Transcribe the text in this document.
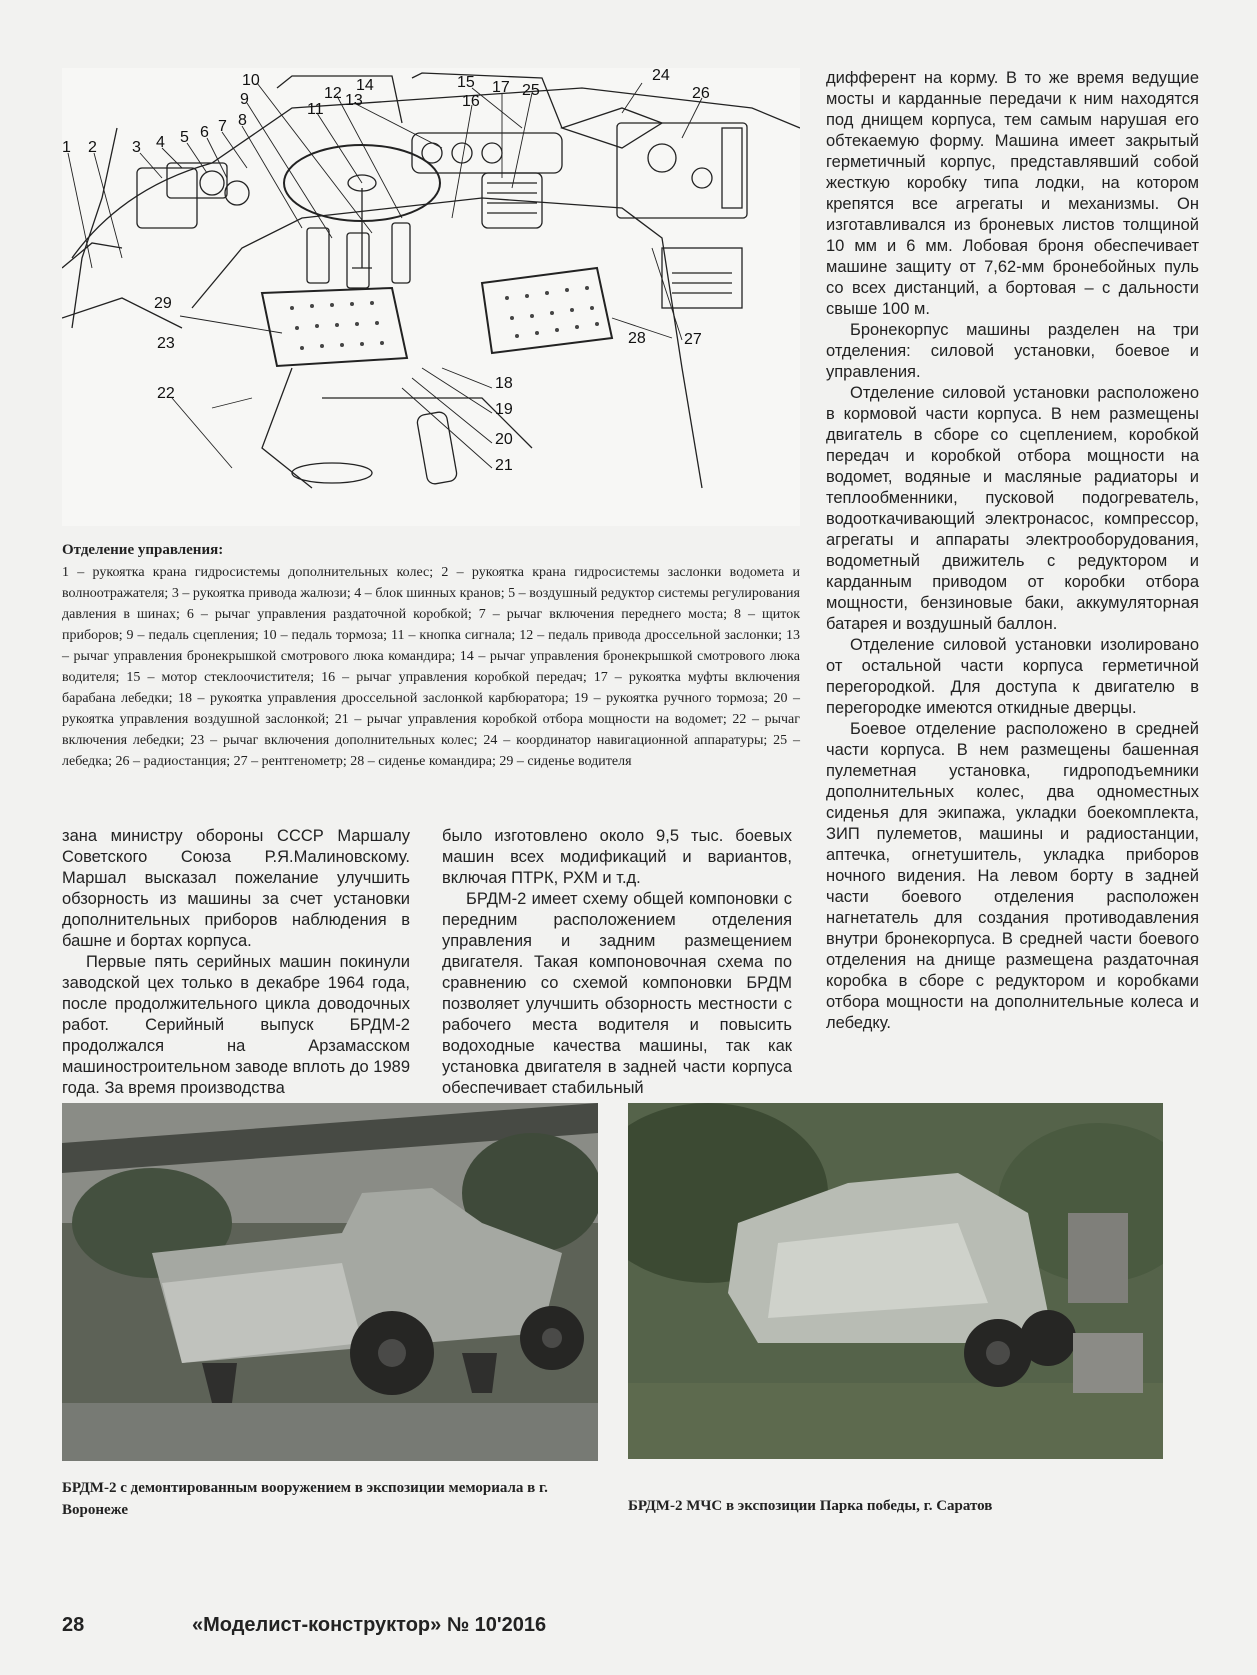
1 2 3 4 5 6 7 8
9
10
11
12 13
14	15
16
17
18
19
20
21
22
23
24
25	26
27
28
29
Отделение управления:
1 – рукоятка крана гидросистемы дополнительных колес; 2 – рукоятка крана гидросистемы заслонки водомета и волноотражателя; 3 – рукоятка привода жалюзи; 4 – блок шинных кранов; 5 – воздушный редуктор системы регулирования давления в шинах; 6 – рычаг управления раздаточной коробкой; 7 – рычаг включения переднего моста; 8 – щиток приборов; 9 – педаль сцепления; 10 – педаль тормоза; 11 – кнопка сигнала; 12 – педаль привода дроссельной заслонки; 13 – рычаг управления бронекрышкой смотрового люка командира; 14 – рычаг управления бронекрышкой смотрового люка водителя; 15 – мотор стеклоочистителя; 16 – рычаг управления коробкой передач; 17 – рукоятка муфты включения барабана лебедки; 18 – рукоятка управления дроссельной заслонкой карбюратора; 19 – рукоятка ручного тормоза; 20 – рукоятка управления воздушной заслонкой; 21 – рычаг управления коробкой отбора мощности на водомет; 22 – рычаг включения лебедки; 23 – рычаг включения дополнительных колес; 24 – координатор навигационной аппаратуры; 25 – лебедка; 26 – радиостанция; 27 – рентгенометр; 28 – сиденье командира; 29 – сиденье водителя

дифферент на корму. В то же время ведущие мосты и карданные передачи к ним находятся под днищем корпуса, тем самым нарушая его обтекаемую форму. Машина имеет закрытый герметичный корпус, представлявший собой жесткую коробку типа лодки, на котором крепятся все агрегаты и механизмы. Он изготавливался из броневых листов толщиной 10 мм и 6 мм. Лобовая броня обеспечивает машине защиту от 7,62-мм бронебойных пуль со всех дистанций, а бортовая – с дальности свыше 100 м.

Бронекорпус машины разделен на три отделения: силовой установки, боевое и управления.

Отделение силовой установки расположено в кормовой части корпуса. В нем размещены двигатель в сборе со сцеплением, коробкой передач и коробкой отбора мощности на водомет, водяные и масляные радиаторы и теплообменники, пусковой подогреватель, водооткачивающий электронасос, компрессор, агрегаты и аппараты электрооборудования, водометный движитель с редуктором и карданным приводом от коробки отбора мощности, бензиновые баки, аккумуляторная батарея и воздушный баллон.

Отделение силовой установки изолировано от остальной части корпуса герметичной перегородкой. Для доступа к двигателю в перегородке имеются откидные дверцы.

Боевое отделение расположено в средней части корпуса. В нем размещены башенная пулеметная установка, гидроподъемники дополнительных колес, два одноместных сиденья для экипажа, укладки боекомплекта, ЗИП пулеметов, машины и радиостанции, аптечка, огнетушитель, укладка приборов ночного видения. На левом борту в задней части боевого отделения расположен нагнетатель для создания противодавления внутри бронекорпуса. В средней части боевого отделения на днище размещена раздаточная коробка в сборе с редуктором и коробками отбора мощности на дополнительные колеса и лебедку.

зана министру обороны СССР Маршалу Советского Союза Р.Я.Малиновскому. Маршал высказал пожелание улучшить обзорность из машины за счет установки дополнительных приборов наблюдения в башне и бортах корпуса.

Первые пять серийных машин покинули заводской цех только в декабре 1964 года, после продолжительного цикла доводочных работ. Серийный выпуск БРДМ-2 продолжался на Арзамасском машиностроительном заводе вплоть до 1989 года. За время производства

было изготовлено около 9,5 тыс. боевых машин всех модификаций и вариантов, включая ПТРК, РХМ и т.д.

БРДМ-2 имеет схему общей компоновки с передним расположением отделения управления и задним размещением двигателя. Такая компоновочная схема по сравнению со схемой компоновки БРДМ позволяет улучшить обзорность местности с рабочего места водителя и повысить водоходные качества машины, так как установка двигателя в задней части корпуса обеспечивает стабильный

БРДМ-2 с демонтированным вооружением в экспозиции мемориала в г. Воронеже	БРДМ-2 МЧС в экспозиции Парка победы, г. Саратов
28	«Моделист-конструктор» № 10'2016
